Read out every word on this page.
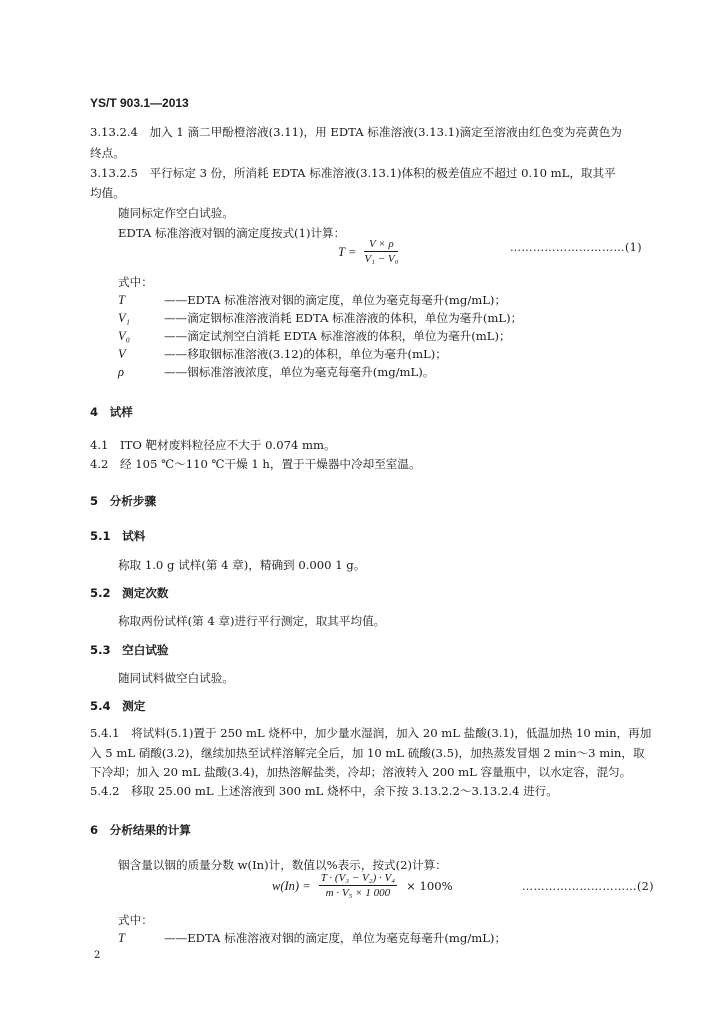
YS/T 903.1—2013
3.13.2.4　加入 1 滴二甲酚橙溶液(3.11)，用 EDTA 标准溶液(3.13.1)滴定至溶液由红色变为亮黄色为
终点。
3.13.2.5　平行标定 3 份，所消耗 EDTA 标准溶液(3.13.1)体积的极差值应不超过 0.10 mL，取其平
均值。
随同标定作空白试验。
EDTA 标准溶液对铟的滴定度按式(1)计算：
$T = \frac{V \times \rho}{\text{V₁ − V₀}}$	…………………………(1)
式中：
T	——EDTA 标准溶液对铟的滴定度，单位为毫克每毫升(mg/mL)；
V₁	——滴定铟标准溶液消耗 EDTA 标准溶液的体积，单位为毫升(mL)；
V₀	——滴定试剂空白消耗 EDTA 标准溶液的体积，单位为毫升(mL)；
V	——移取铟标准溶液(3.12)的体积，单位为毫升(mL)；
ρ	——铟标准溶液浓度，单位为毫克每毫升(mg/mL)。
4　试样
4.1　ITO 靶材废料粒径应不大于 0.074 mm。
4.2　经 105 ℃～110 ℃干燥 1 h，置于干燥器中冷却至室温。
5　分析步骤
5.1　试料
称取 1.0 g 试样(第 4 章)，精确到 0.000 1 g。
5.2　测定次数
称取两份试样(第 4 章)进行平行测定，取其平均值。
5.3　空白试验
随同试料做空白试验。
5.4　测定
5.4.1　将试料(5.1)置于 250 mL 烧杯中，加少量水湿润，加入 20 mL 盐酸(3.1)，低温加热 10 min，再加
入 5 mL 硝酸(3.2)，继续加热至试样溶解完全后，加 10 mL 硫酸(3.5)，加热蒸发冒烟 2 min～3 min，取
下冷却；加入 20 mL 盐酸(3.4)，加热溶解盐类，冷却；溶液转入 200 mL 容量瓶中，以水定容，混匀。
5.4.2　移取 25.00 mL 上述溶液到 300 mL 烧杯中，余下按 3.13.2.2～3.13.2.4 进行。
6　分析结果的计算
铟含量以铟的质量分数 w(In)计，数值以%表示，按式(2)计算：
$w(In) = \frac{\text{T · (V₃ − V₂) · V₄}}{\text{m · V₅ × 1 000}} \times 100\%$	…………………………(2)
式中：
T	——EDTA 标准溶液对铟的滴定度，单位为毫克每毫升(mg/mL)；
2
